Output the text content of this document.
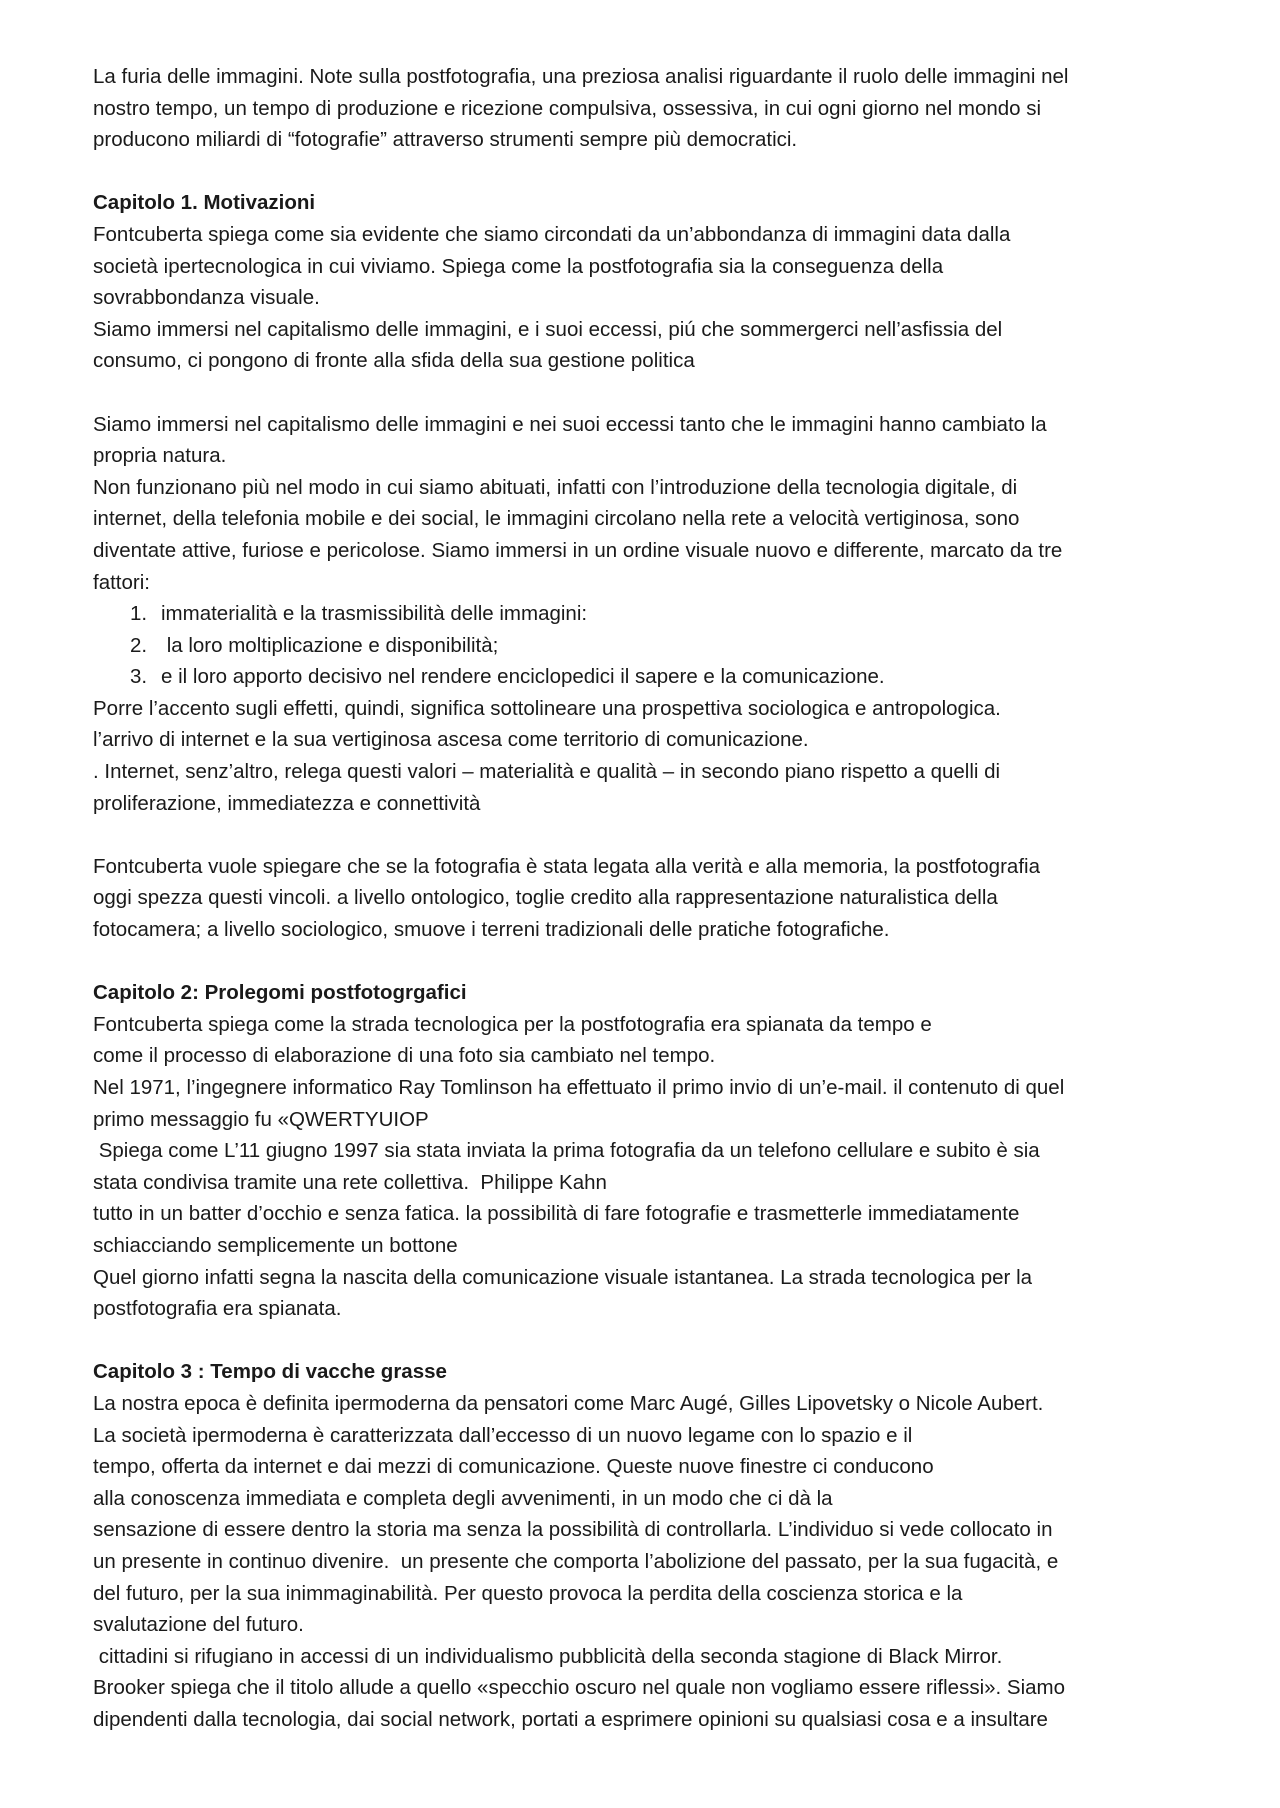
La furia delle immagini. Note sulla postfotografia, una preziosa analisi riguardante il ruolo delle immagini nel
nostro tempo, un tempo di produzione e ricezione compulsiva, ossessiva, in cui ogni giorno nel mondo si
producono miliardi di “fotografie” attraverso strumenti sempre più democratici.
Capitolo 1. Motivazioni
Fontcuberta spiega come sia evidente che siamo circondati da un’abbondanza di immagini data dalla
società ipertecnologica in cui viviamo. Spiega come la postfotografia sia la conseguenza della
sovrabbondanza visuale.
Siamo immersi nel capitalismo delle immagini, e i suoi eccessi, piú che sommergerci nell’asfissia del
consumo, ci pongono di fronte alla sfida della sua gestione politica
Siamo immersi nel capitalismo delle immagini e nei suoi eccessi tanto che le immagini hanno cambiato la
propria natura.
Non funzionano più nel modo in cui siamo abituati, infatti con l’introduzione della tecnologia digitale, di
internet, della telefonia mobile e dei social, le immagini circolano nella rete a velocità vertiginosa, sono
diventate attive, furiose e pericolose. Siamo immersi in un ordine visuale nuovo e differente, marcato da tre
fattori:
1. immaterialità e la trasmissibilità delle immagini:
2. la loro moltiplicazione e disponibilità;
3. e il loro apporto decisivo nel rendere enciclopedici il sapere e la comunicazione.
Porre l’accento sugli effetti, quindi, significa sottolineare una prospettiva sociologica e antropologica.
l’arrivo di internet e la sua vertiginosa ascesa come territorio di comunicazione.
. Internet, senz’altro, relega questi valori – materialità e qualità – in secondo piano rispetto a quelli di
proliferazione, immediatezza e connettività
Fontcuberta vuole spiegare che se la fotografia è stata legata alla verità e alla memoria, la postfotografia
oggi spezza questi vincoli. a livello ontologico, toglie credito alla rappresentazione naturalistica della
fotocamera; a livello sociologico, smuove i terreni tradizionali delle pratiche fotografiche.
Capitolo 2: Prolegomi postfotogrgafici
Fontcuberta spiega come la strada tecnologica per la postfotografia era spianata da tempo e
come il processo di elaborazione di una foto sia cambiato nel tempo.
Nel 1971, l’ingegnere informatico Ray Tomlinson ha effettuato il primo invio di un’e-mail. il contenuto di quel
primo messaggio fu «QWERTYUIOP
Spiega come L’11 giugno 1997 sia stata inviata la prima fotografia da un telefono cellulare e subito è sia
stata condivisa tramite una rete collettiva.  Philippe Kahn
tutto in un batter d’occhio e senza fatica. la possibilità di fare fotografie e trasmetterle immediatamente
schiacciando semplicemente un bottone
Quel giorno infatti segna la nascita della comunicazione visuale istantanea. La strada tecnologica per la
postfotografia era spianata.
Capitolo 3 : Tempo di vacche grasse
La nostra epoca è definita ipermoderna da pensatori come Marc Augé, Gilles Lipovetsky o Nicole Aubert.
La società ipermoderna è caratterizzata dall’eccesso di un nuovo legame con lo spazio e il
tempo, offerta da internet e dai mezzi di comunicazione. Queste nuove finestre ci conducono
alla conoscenza immediata e completa degli avvenimenti, in un modo che ci dà la
sensazione di essere dentro la storia ma senza la possibilità di controllarla. L’individuo si vede collocato in
un presente in continuo divenire.  un presente che comporta l’abolizione del passato, per la sua fugacità, e
del futuro, per la sua inimmaginabilità. Per questo provoca la perdita della coscienza storica e la
svalutazione del futuro.
cittadini si rifugiano in accessi di un individualismo pubblicità della seconda stagione di Black Mirror.
Brooker spiega che il titolo allude a quello «specchio oscuro nel quale non vogliamo essere riflessi». Siamo
dipendenti dalla tecnologia, dai social network, portati a esprimere opinioni su qualsiasi cosa e a insultare
